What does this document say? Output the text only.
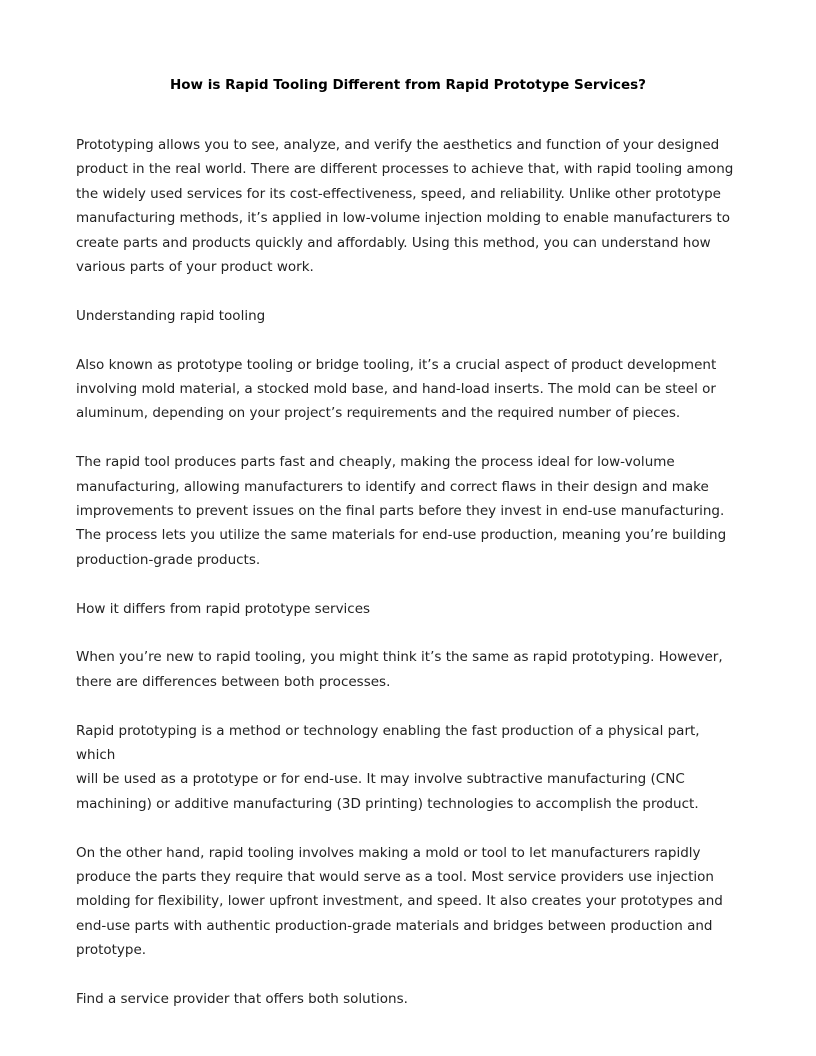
How is Rapid Tooling Different from Rapid Prototype Services?

Prototyping allows you to see, analyze, and verify the aesthetics and function of your designed
product in the real world. There are different processes to achieve that, with rapid tooling among
the widely used services for its cost-effectiveness, speed, and reliability. Unlike other prototype
manufacturing methods, it’s applied in low-volume injection molding to enable manufacturers to
create parts and products quickly and affordably. Using this method, you can understand how
various parts of your product work.

Understanding rapid tooling

Also known as prototype tooling or bridge tooling, it’s a crucial aspect of product development
involving mold material, a stocked mold base, and hand-load inserts. The mold can be steel or
aluminum, depending on your project’s requirements and the required number of pieces.

The rapid tool produces parts fast and cheaply, making the process ideal for low-volume
manufacturing, allowing manufacturers to identify and correct flaws in their design and make
improvements to prevent issues on the final parts before they invest in end-use manufacturing.
The process lets you utilize the same materials for end-use production, meaning you’re building
production-grade products.

How it differs from rapid prototype services

When you’re new to rapid tooling, you might think it’s the same as rapid prototyping. However,
there are differences between both processes.

Rapid prototyping is a method or technology enabling the fast production of a physical part, which
will be used as a prototype or for end-use. It may involve subtractive manufacturing (CNC
machining) or additive manufacturing (3D printing) technologies to accomplish the product.

On the other hand, rapid tooling involves making a mold or tool to let manufacturers rapidly
produce the parts they require that would serve as a tool. Most service providers use injection
molding for flexibility, lower upfront investment, and speed. It also creates your prototypes and
end-use parts with authentic production-grade materials and bridges between production and
prototype.

Find a service provider that offers both solutions.
